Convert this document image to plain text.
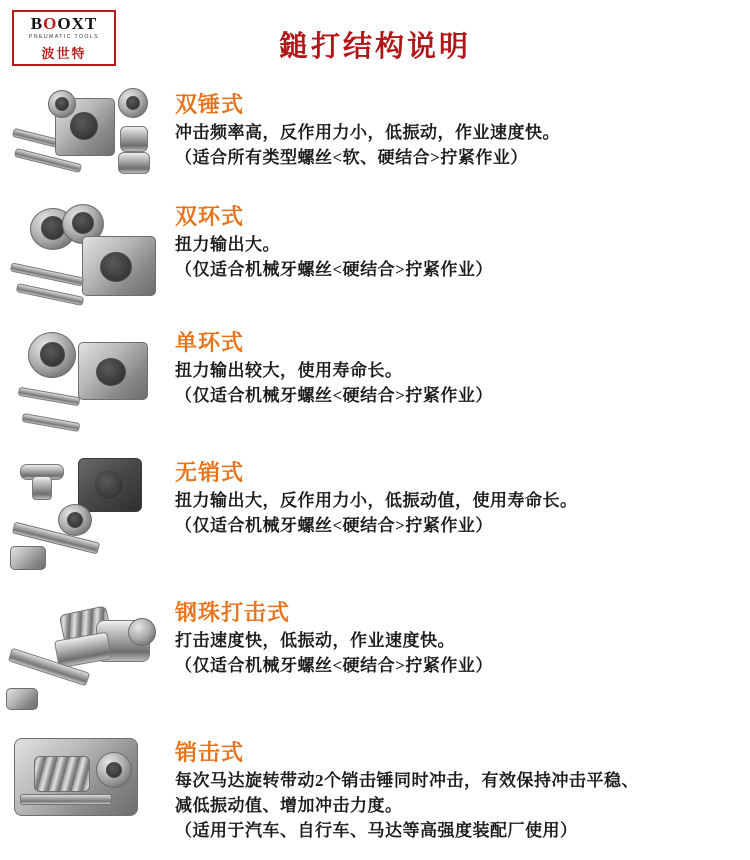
BOOXT
PNEUMATIC TOOLS
波世特	鎚打结构说明
双锤式
冲击频率高，反作用力小，低振动，作业速度快。
（适合所有类型螺丝<软、硬结合>拧紧作业）
双环式
扭力输出大。
（仅适合机械牙螺丝<硬结合>拧紧作业）
单环式
扭力输出较大，使用寿命长。
（仅适合机械牙螺丝<硬结合>拧紧作业）
无销式
扭力输出大，反作用力小，低振动值，使用寿命长。
（仅适合机械牙螺丝<硬结合>拧紧作业）
钢珠打击式
打击速度快，低振动，作业速度快。
（仅适合机械牙螺丝<硬结合>拧紧作业）
销击式
每次马达旋转带动2个销击锤同时冲击，有效保持冲击平稳、
减低振动值、增加冲击力度。
（适用于汽车、自行车、马达等高强度装配厂使用）
